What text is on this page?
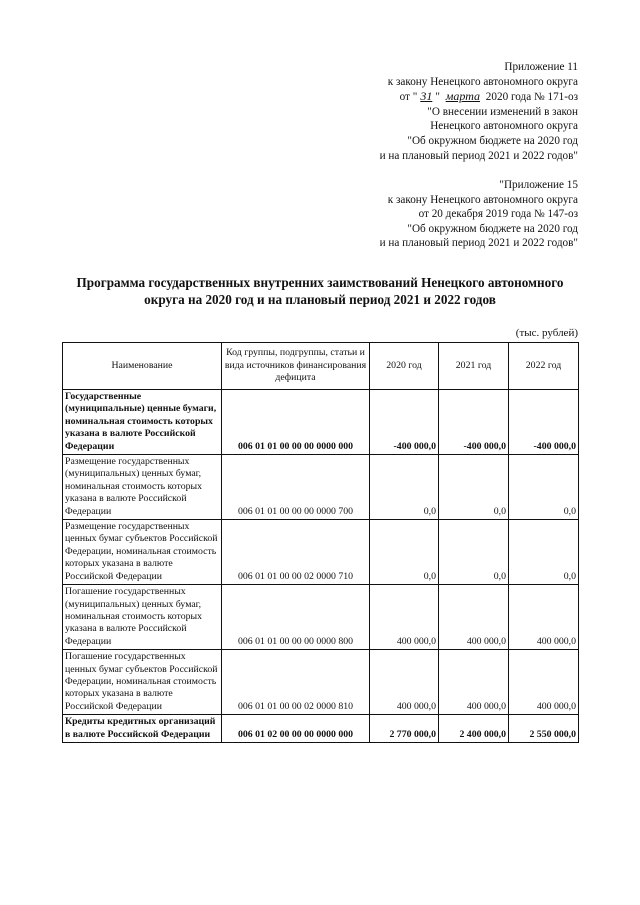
Приложение 11
к закону Ненецкого автономного округа
от " 31 " марта 2020 года № 171-оз
"О внесении изменений в закон
Ненецкого автономного округа
"Об окружном бюджете на 2020 год
и на плановый период 2021 и 2022 годов"
"Приложение 15
к закону Ненецкого автономного округа
от 20 декабря 2019 года № 147-оз
"Об окружном бюджете на 2020 год
и на плановый период 2021 и 2022 годов"
Программа государственных внутренних заимствований Ненецкого автономного округа на 2020 год и на плановый период 2021 и 2022 годов
(тыс. рублей)
Наименование	Код группы, подгруппы, статьи и вида источников финансирования дефицита	2020 год	2021 год	2022 год
Государственные (муниципальные) ценные бумаги, номинальная стоимость которых указана в валюте Российской Федерации	006 01 01 00 00 00 0000 000	-400 000,0	-400 000,0	-400 000,0
Размещение государственных (муниципальных) ценных бумаг, номинальная стоимость которых указана в валюте Российской Федерации	006 01 01 00 00 00 0000 700	0,0	0,0	0,0
Размещение государственных ценных бумаг субъектов Российской Федерации, номинальная стоимость которых указана в валюте Российской Федерации	006 01 01 00 00 02 0000 710	0,0	0,0	0,0
Погашение государственных (муниципальных) ценных бумаг, номинальная стоимость которых указана в валюте Российской Федерации	006 01 01 00 00 00 0000 800	400 000,0	400 000,0	400 000,0
Погашение государственных ценных бумаг субъектов Российской Федерации, номинальная стоимость которых указана в валюте Российской Федерации	006 01 01 00 00 02 0000 810	400 000,0	400 000,0	400 000,0
Кредиты кредитных организаций в валюте Российской Федерации	006 01 02 00 00 00 0000 000	2 770 000,0	2 400 000,0	2 550 000,0
